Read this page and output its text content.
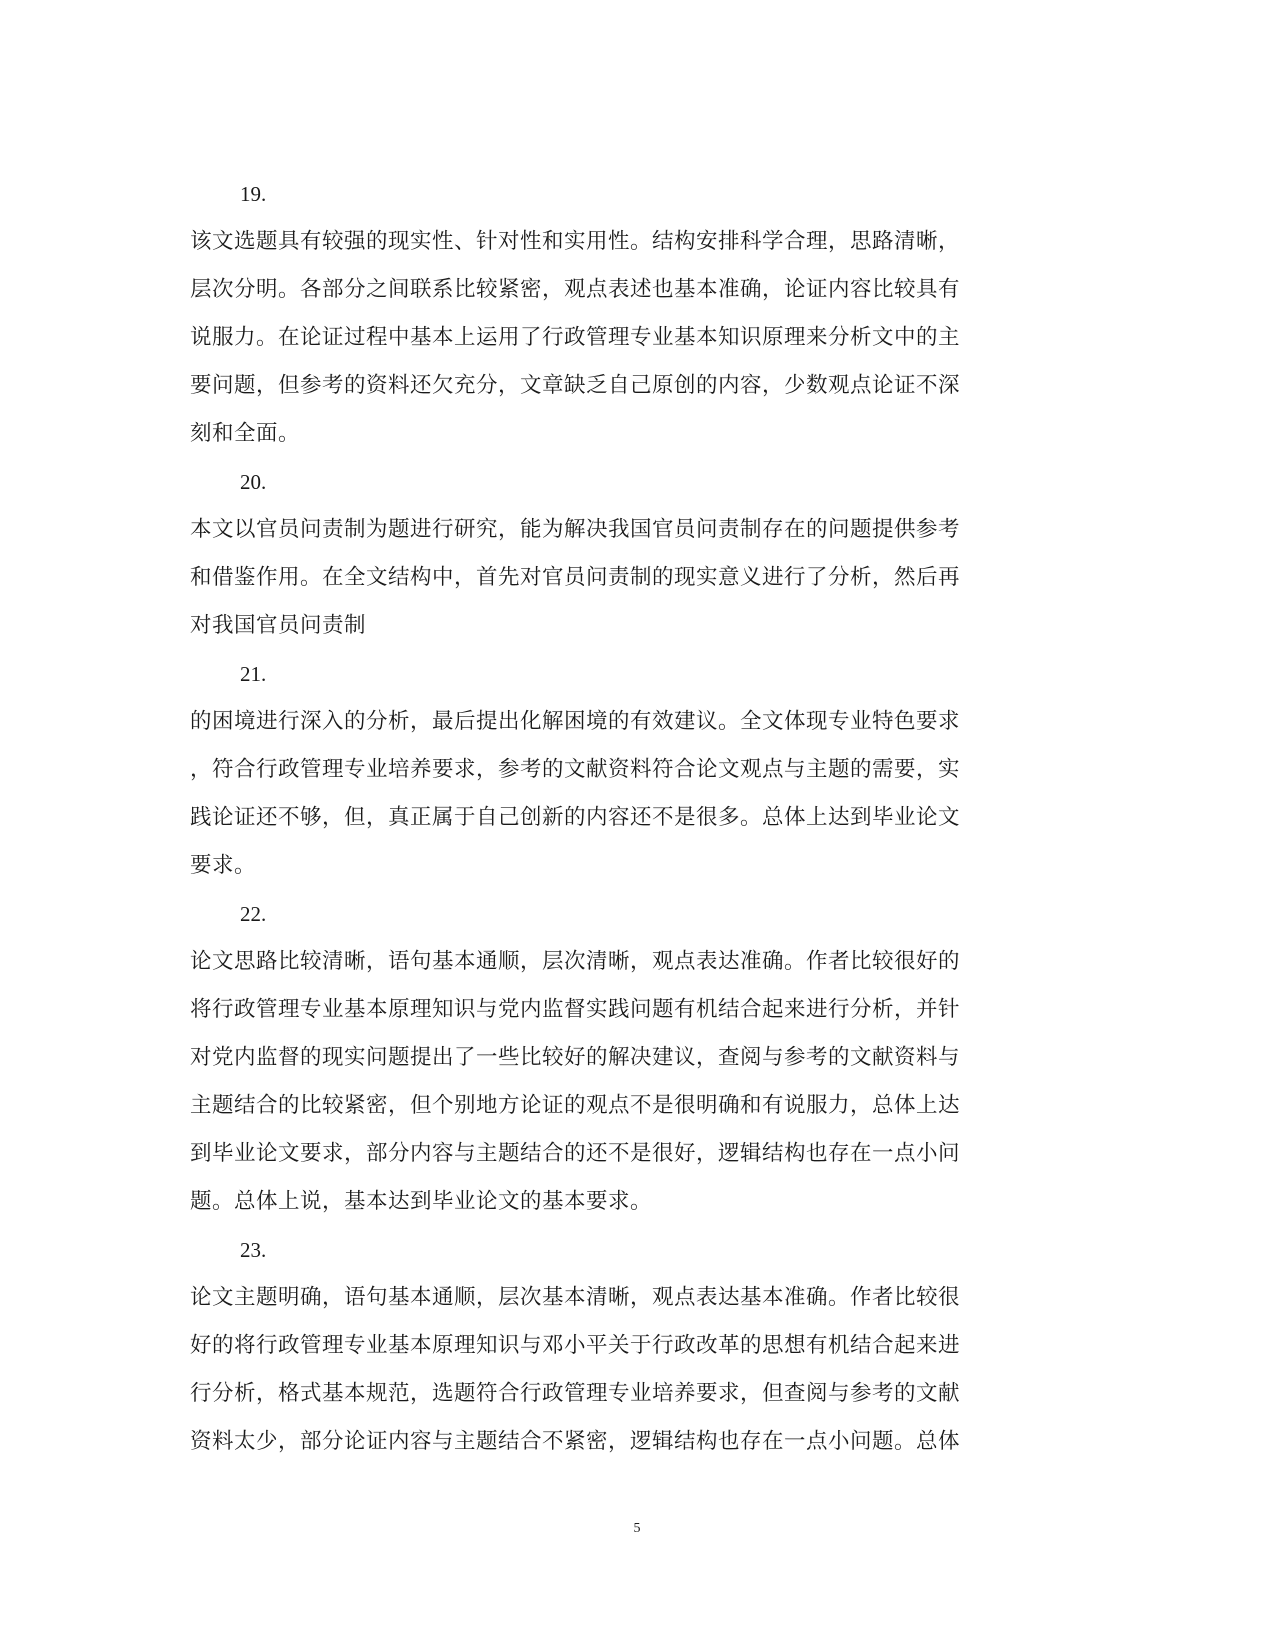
19.
该文选题具有较强的现实性、针对性和实用性。结构安排科学合理，思路清晰，
层次分明。各部分之间联系比较紧密，观点表述也基本准确，论证内容比较具有
说服力。在论证过程中基本上运用了行政管理专业基本知识原理来分析文中的主
要问题，但参考的资料还欠充分，文章缺乏自己原创的内容，少数观点论证不深
刻和全面。
20.
本文以官员问责制为题进行研究，能为解决我国官员问责制存在的问题提供参考
和借鉴作用。在全文结构中，首先对官员问责制的现实意义进行了分析，然后再
对我国官员问责制
21.
的困境进行深入的分析，最后提出化解困境的有效建议。全文体现专业特色要求
，符合行政管理专业培养要求，参考的文献资料符合论文观点与主题的需要，实
践论证还不够，但，真正属于自己创新的内容还不是很多。总体上达到毕业论文
要求。
22.
论文思路比较清晰，语句基本通顺，层次清晰，观点表达准确。作者比较很好的
将行政管理专业基本原理知识与党内监督实践问题有机结合起来进行分析，并针
对党内监督的现实问题提出了一些比较好的解决建议，查阅与参考的文献资料与
主题结合的比较紧密，但个别地方论证的观点不是很明确和有说服力，总体上达
到毕业论文要求，部分内容与主题结合的还不是很好，逻辑结构也存在一点小问
题。总体上说，基本达到毕业论文的基本要求。
23.
论文主题明确，语句基本通顺，层次基本清晰，观点表达基本准确。作者比较很
好的将行政管理专业基本原理知识与邓小平关于行政改革的思想有机结合起来进
行分析，格式基本规范，选题符合行政管理专业培养要求，但查阅与参考的文献
资料太少，部分论证内容与主题结合不紧密，逻辑结构也存在一点小问题。总体
5
